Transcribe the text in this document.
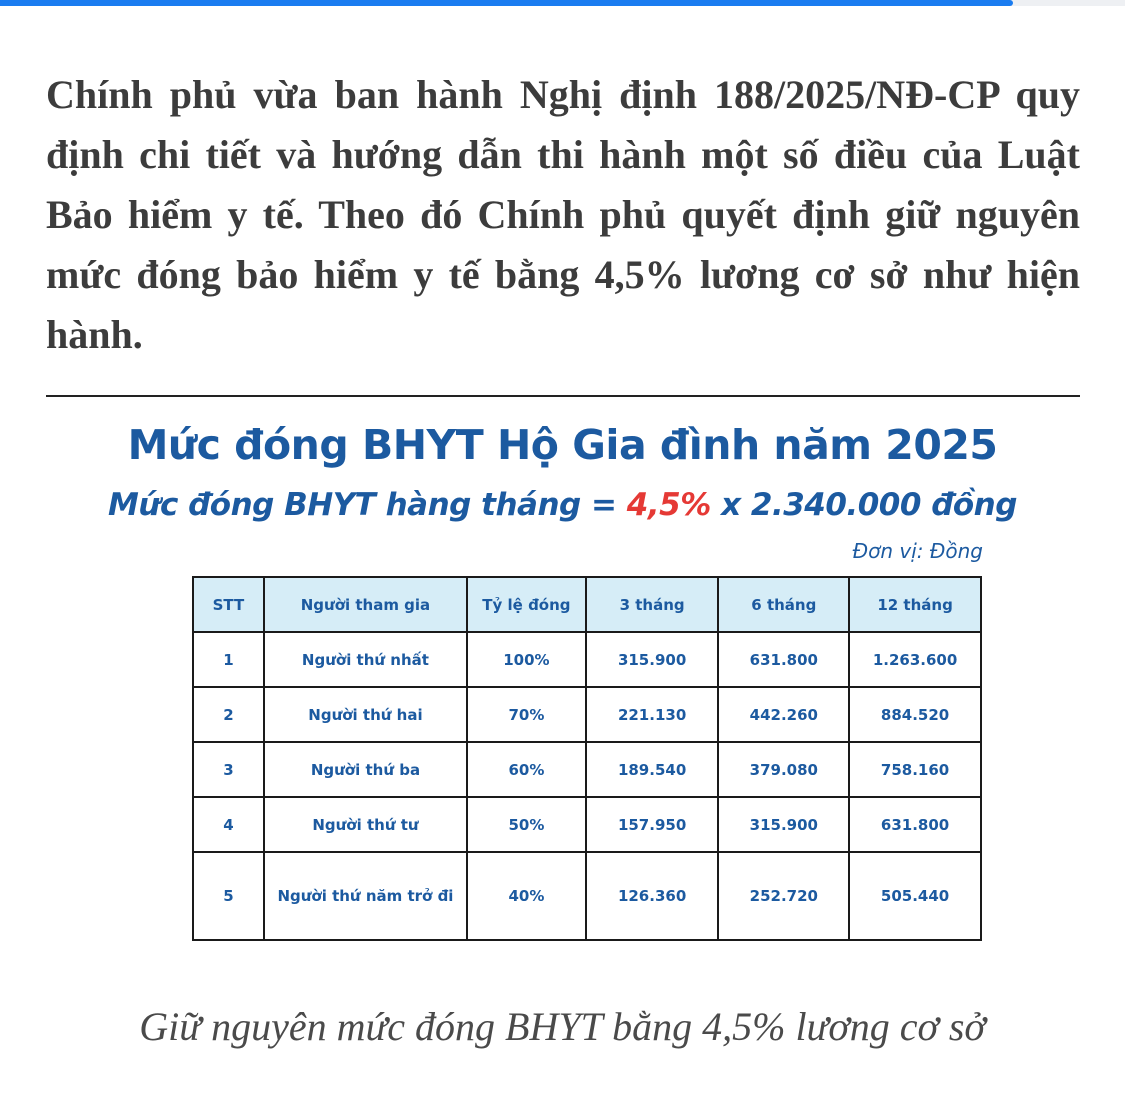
Chính phủ vừa ban hành Nghị định 188/2025/NĐ-CP quy định chi tiết và hướng dẫn thi hành một số điều của Luật Bảo hiểm y tế. Theo đó Chính phủ quyết định giữ nguyên mức đóng bảo hiểm y tế bằng 4,5% lương cơ sở như hiện hành.

Mức đóng BHYT Hộ Gia đình năm 2025
Mức đóng BHYT hàng tháng = 4,5% x 2.340.000 đồng
Đơn vị: Đồng
STT	Người tham gia	Tỷ lệ đóng	3 tháng	6 tháng	12 tháng
1	Người thứ nhất	100%	315.900	631.800	1.263.600
2	Người thứ hai	70%	221.130	442.260	884.520
3	Người thứ ba	60%	189.540	379.080	758.160
4	Người thứ tư	50%	157.950	315.900	631.800
5	Người thứ năm trở đi	40%	126.360	252.720	505.440
Giữ nguyên mức đóng BHYT bằng 4,5% lương cơ sở
